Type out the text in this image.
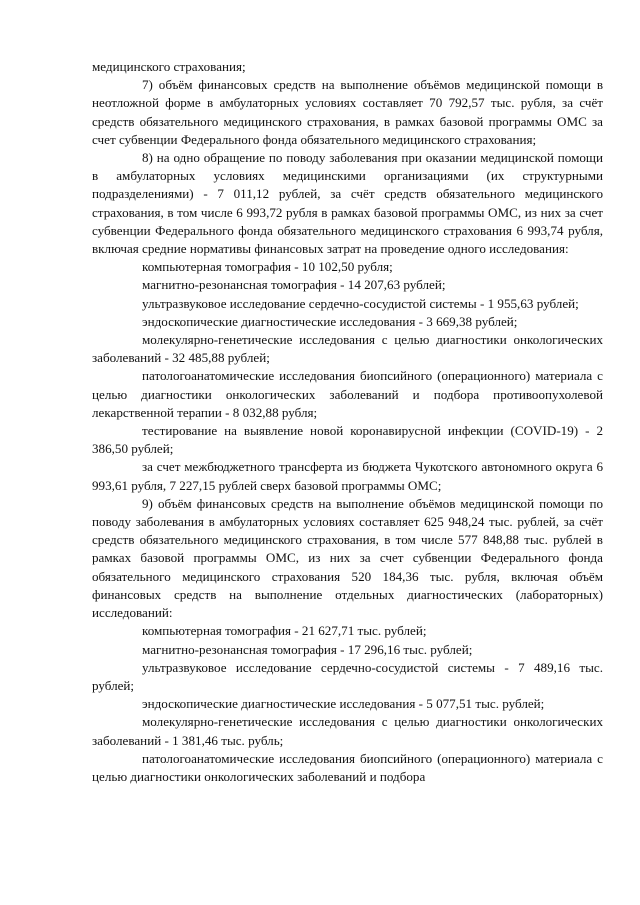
медицинского страхования;

7) объём финансовых средств на выполнение объёмов медицинской помощи в неотложной форме в амбулаторных условиях составляет 70 792,57 тыс. рубля, за счёт средств обязательного медицинского страхования, в рамках базовой программы ОМС за счет субвенции Федерального фонда обязательного медицинского страхования;

8) на одно обращение по поводу заболевания при оказании медицинской помощи в амбулаторных условиях медицинскими организациями (их структурными подразделениями) - 7 011,12 рублей, за счёт средств обязательного медицинского страхования, в том числе 6 993,72 рубля в рамках базовой программы ОМС, из них за счет субвенции Федерального фонда обязательного медицинского страхования 6 993,74 рубля, включая средние нормативы финансовых затрат на проведение одного исследования:

компьютерная томография - 10 102,50 рубля;

магнитно-резонансная томография - 14 207,63 рублей;

ультразвуковое исследование сердечно-сосудистой системы - 1 955,63 рублей;

эндоскопические диагностические исследования - 3 669,38 рублей;

молекулярно-генетические исследования с целью диагностики онкологических заболеваний - 32 485,88 рублей;

патологоанатомические исследования биопсийного (операционного) материала с целью диагностики онкологических заболеваний и подбора противоопухолевой лекарственной терапии - 8 032,88 рубля;

тестирование на выявление новой коронавирусной инфекции (COVID-19) - 2 386,50 рублей;

за счет межбюджетного трансферта из бюджета Чукотского автономного округа 6 993,61 рубля, 7 227,15 рублей сверх базовой программы ОМС;

9) объём финансовых средств на выполнение объёмов медицинской помощи по поводу заболевания в амбулаторных условиях составляет 625 948,24 тыс. рублей, за счёт средств обязательного медицинского страхования, в том числе 577 848,88 тыс. рублей в рамках базовой программы ОМС, из них за счет субвенции Федерального фонда обязательного медицинского страхования 520 184,36 тыс. рубля, включая объём финансовых средств на выполнение отдельных диагностических (лабораторных) исследований:

компьютерная томография - 21 627,71 тыс. рублей;

магнитно-резонансная томография - 17 296,16 тыс. рублей;

ультразвуковое исследование сердечно-сосудистой системы - 7 489,16 тыс. рублей;

эндоскопические диагностические исследования - 5 077,51 тыс. рублей;

молекулярно-генетические исследования с целью диагностики онкологических заболеваний - 1 381,46 тыс. рубль;

патологоанатомические исследования биопсийного (операционного) материала с целью диагностики онкологических заболеваний и подбора
